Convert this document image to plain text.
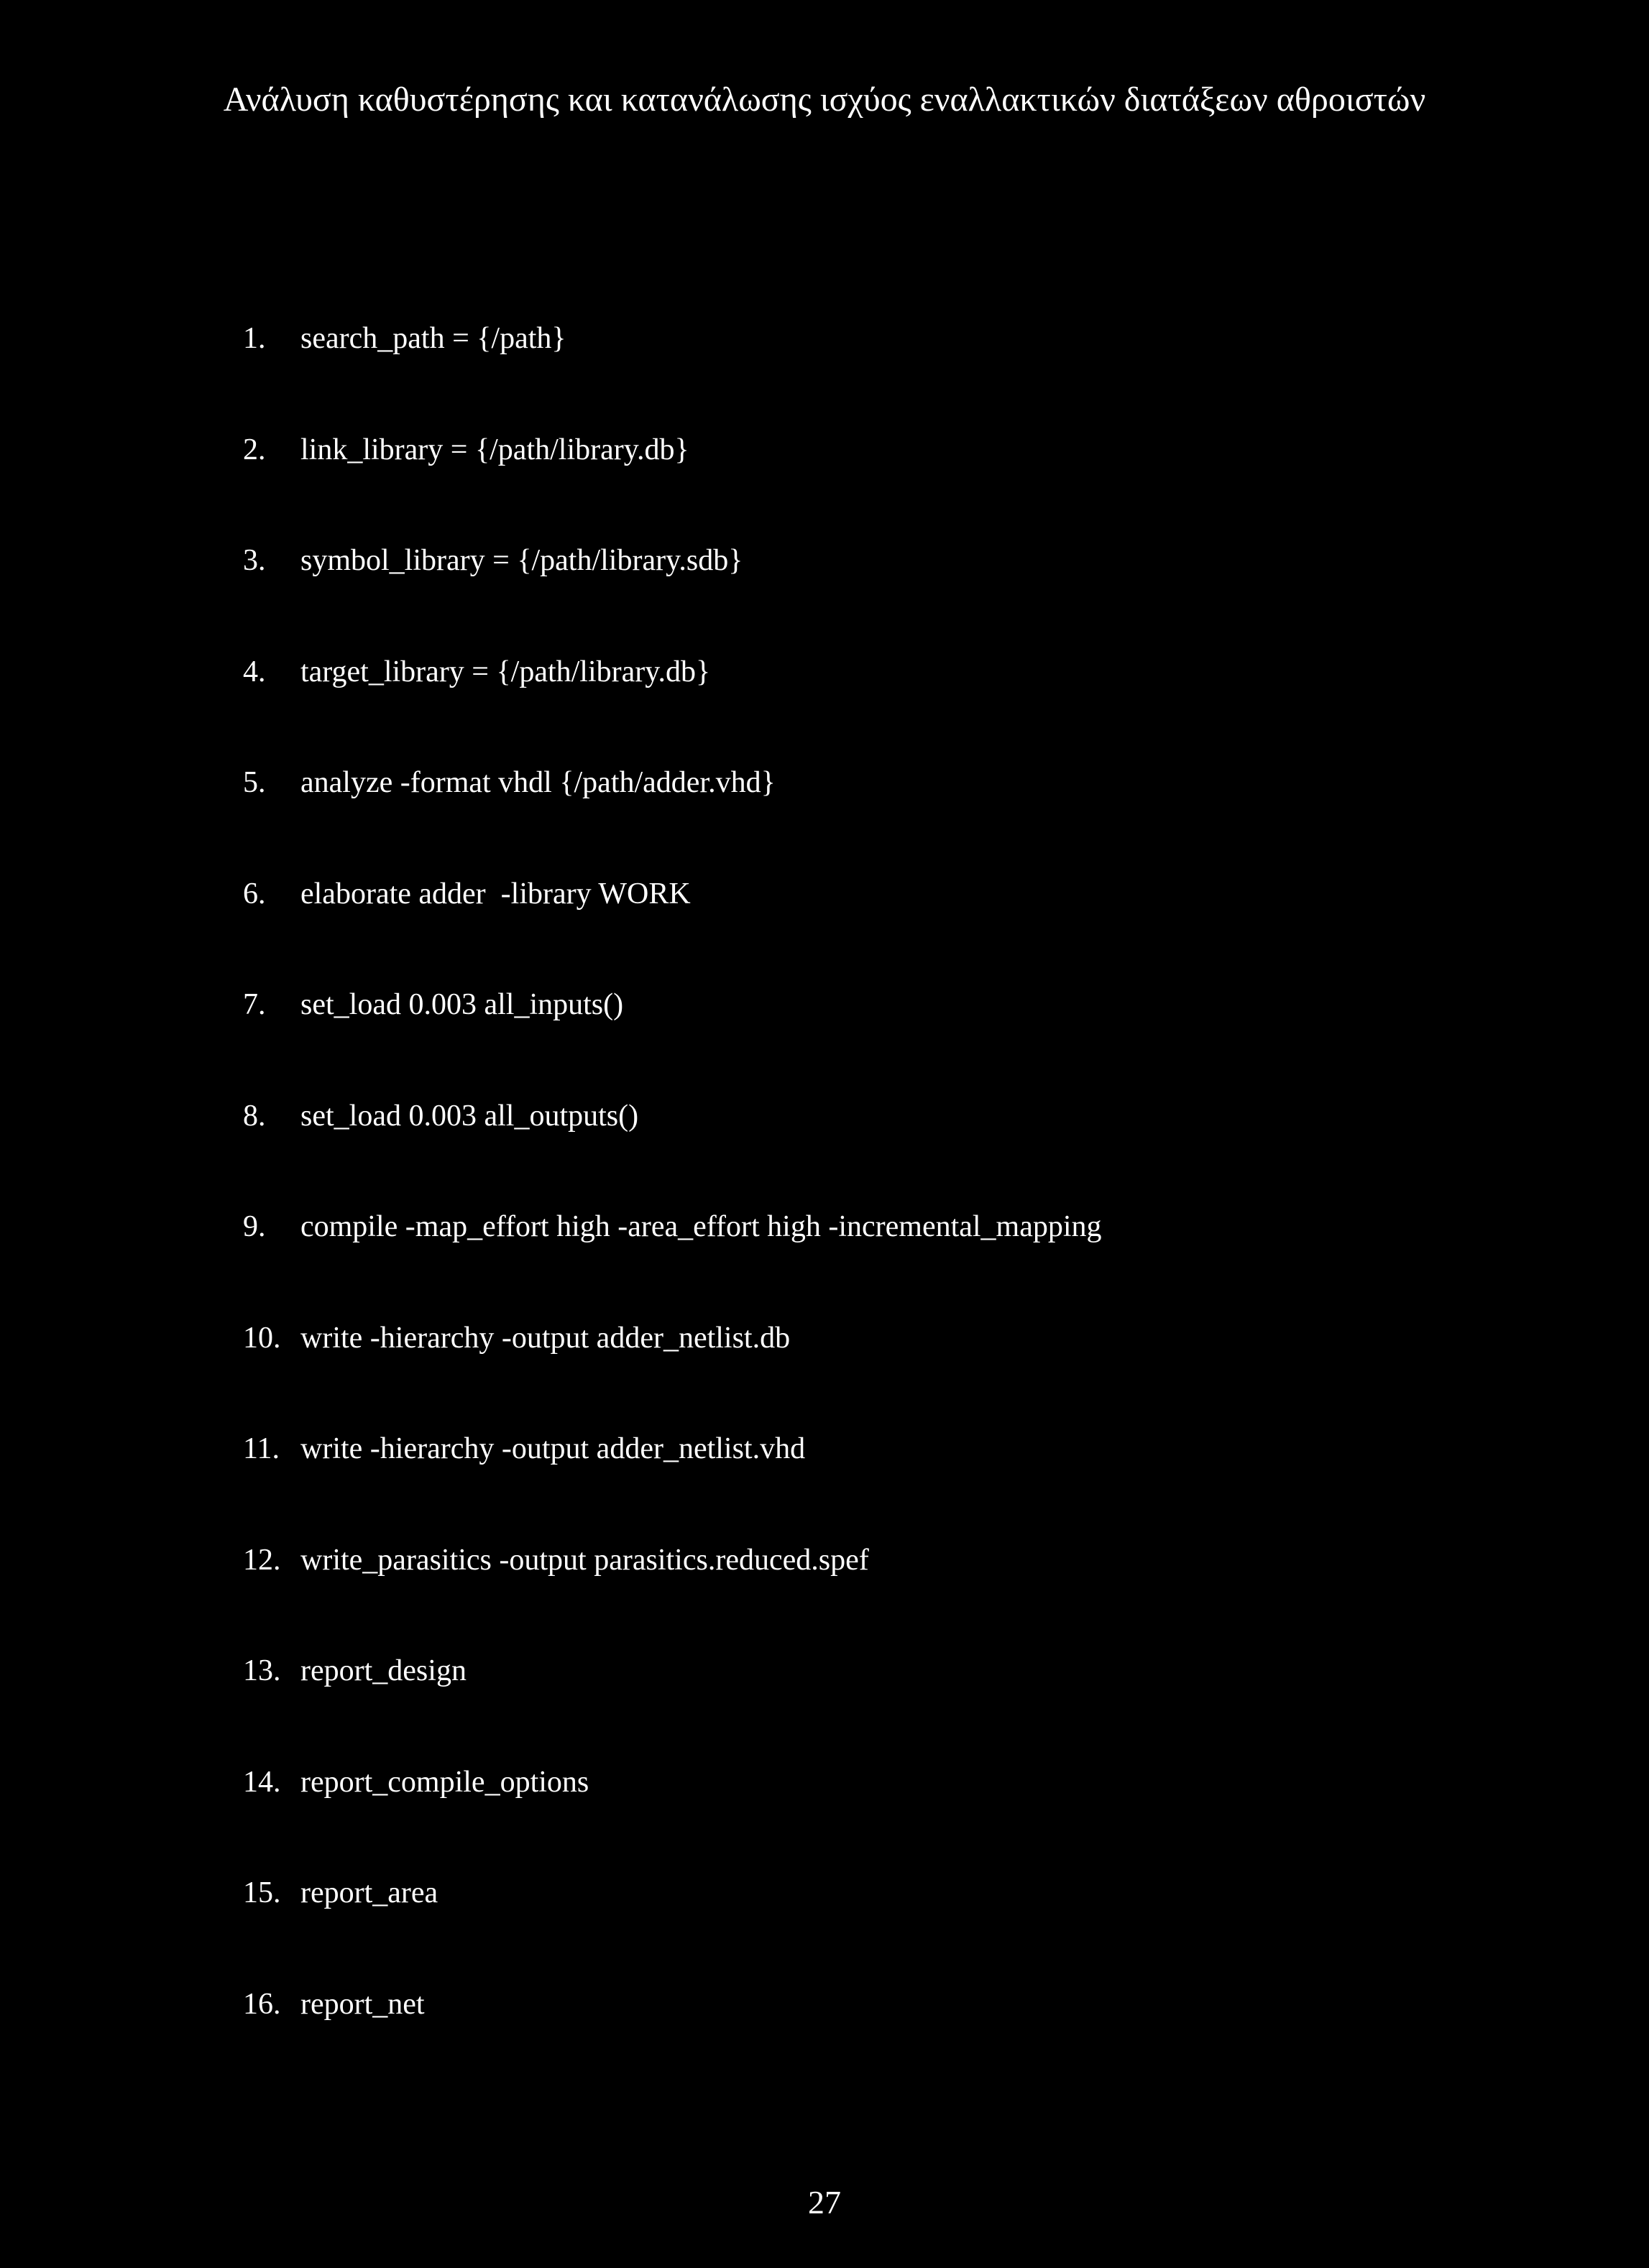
Ανάλυση καθυστέρησης και κατανάλωσης ισχύος εναλλακτικών διατάξεων αθροιστών
1.	search_path = {/path}
2.	link_library = {/path/library.db}
3.	symbol_library = {/path/library.sdb}
4.	target_library = {/path/library.db}
5.	analyze -format vhdl {/path/adder.vhd}
6.	elaborate adder  -library WORK
7.	set_load 0.003 all_inputs()
8.	set_load 0.003 all_outputs()
9.	compile -map_effort high -area_effort high -incremental_mapping
10. write -hierarchy -output adder_netlist.db
11. write -hierarchy -output adder_netlist.vhd
12. write_parasitics -output parasitics.reduced.spef
13. report_design
14. report_compile_options
15. report_area
16. report_net
27
